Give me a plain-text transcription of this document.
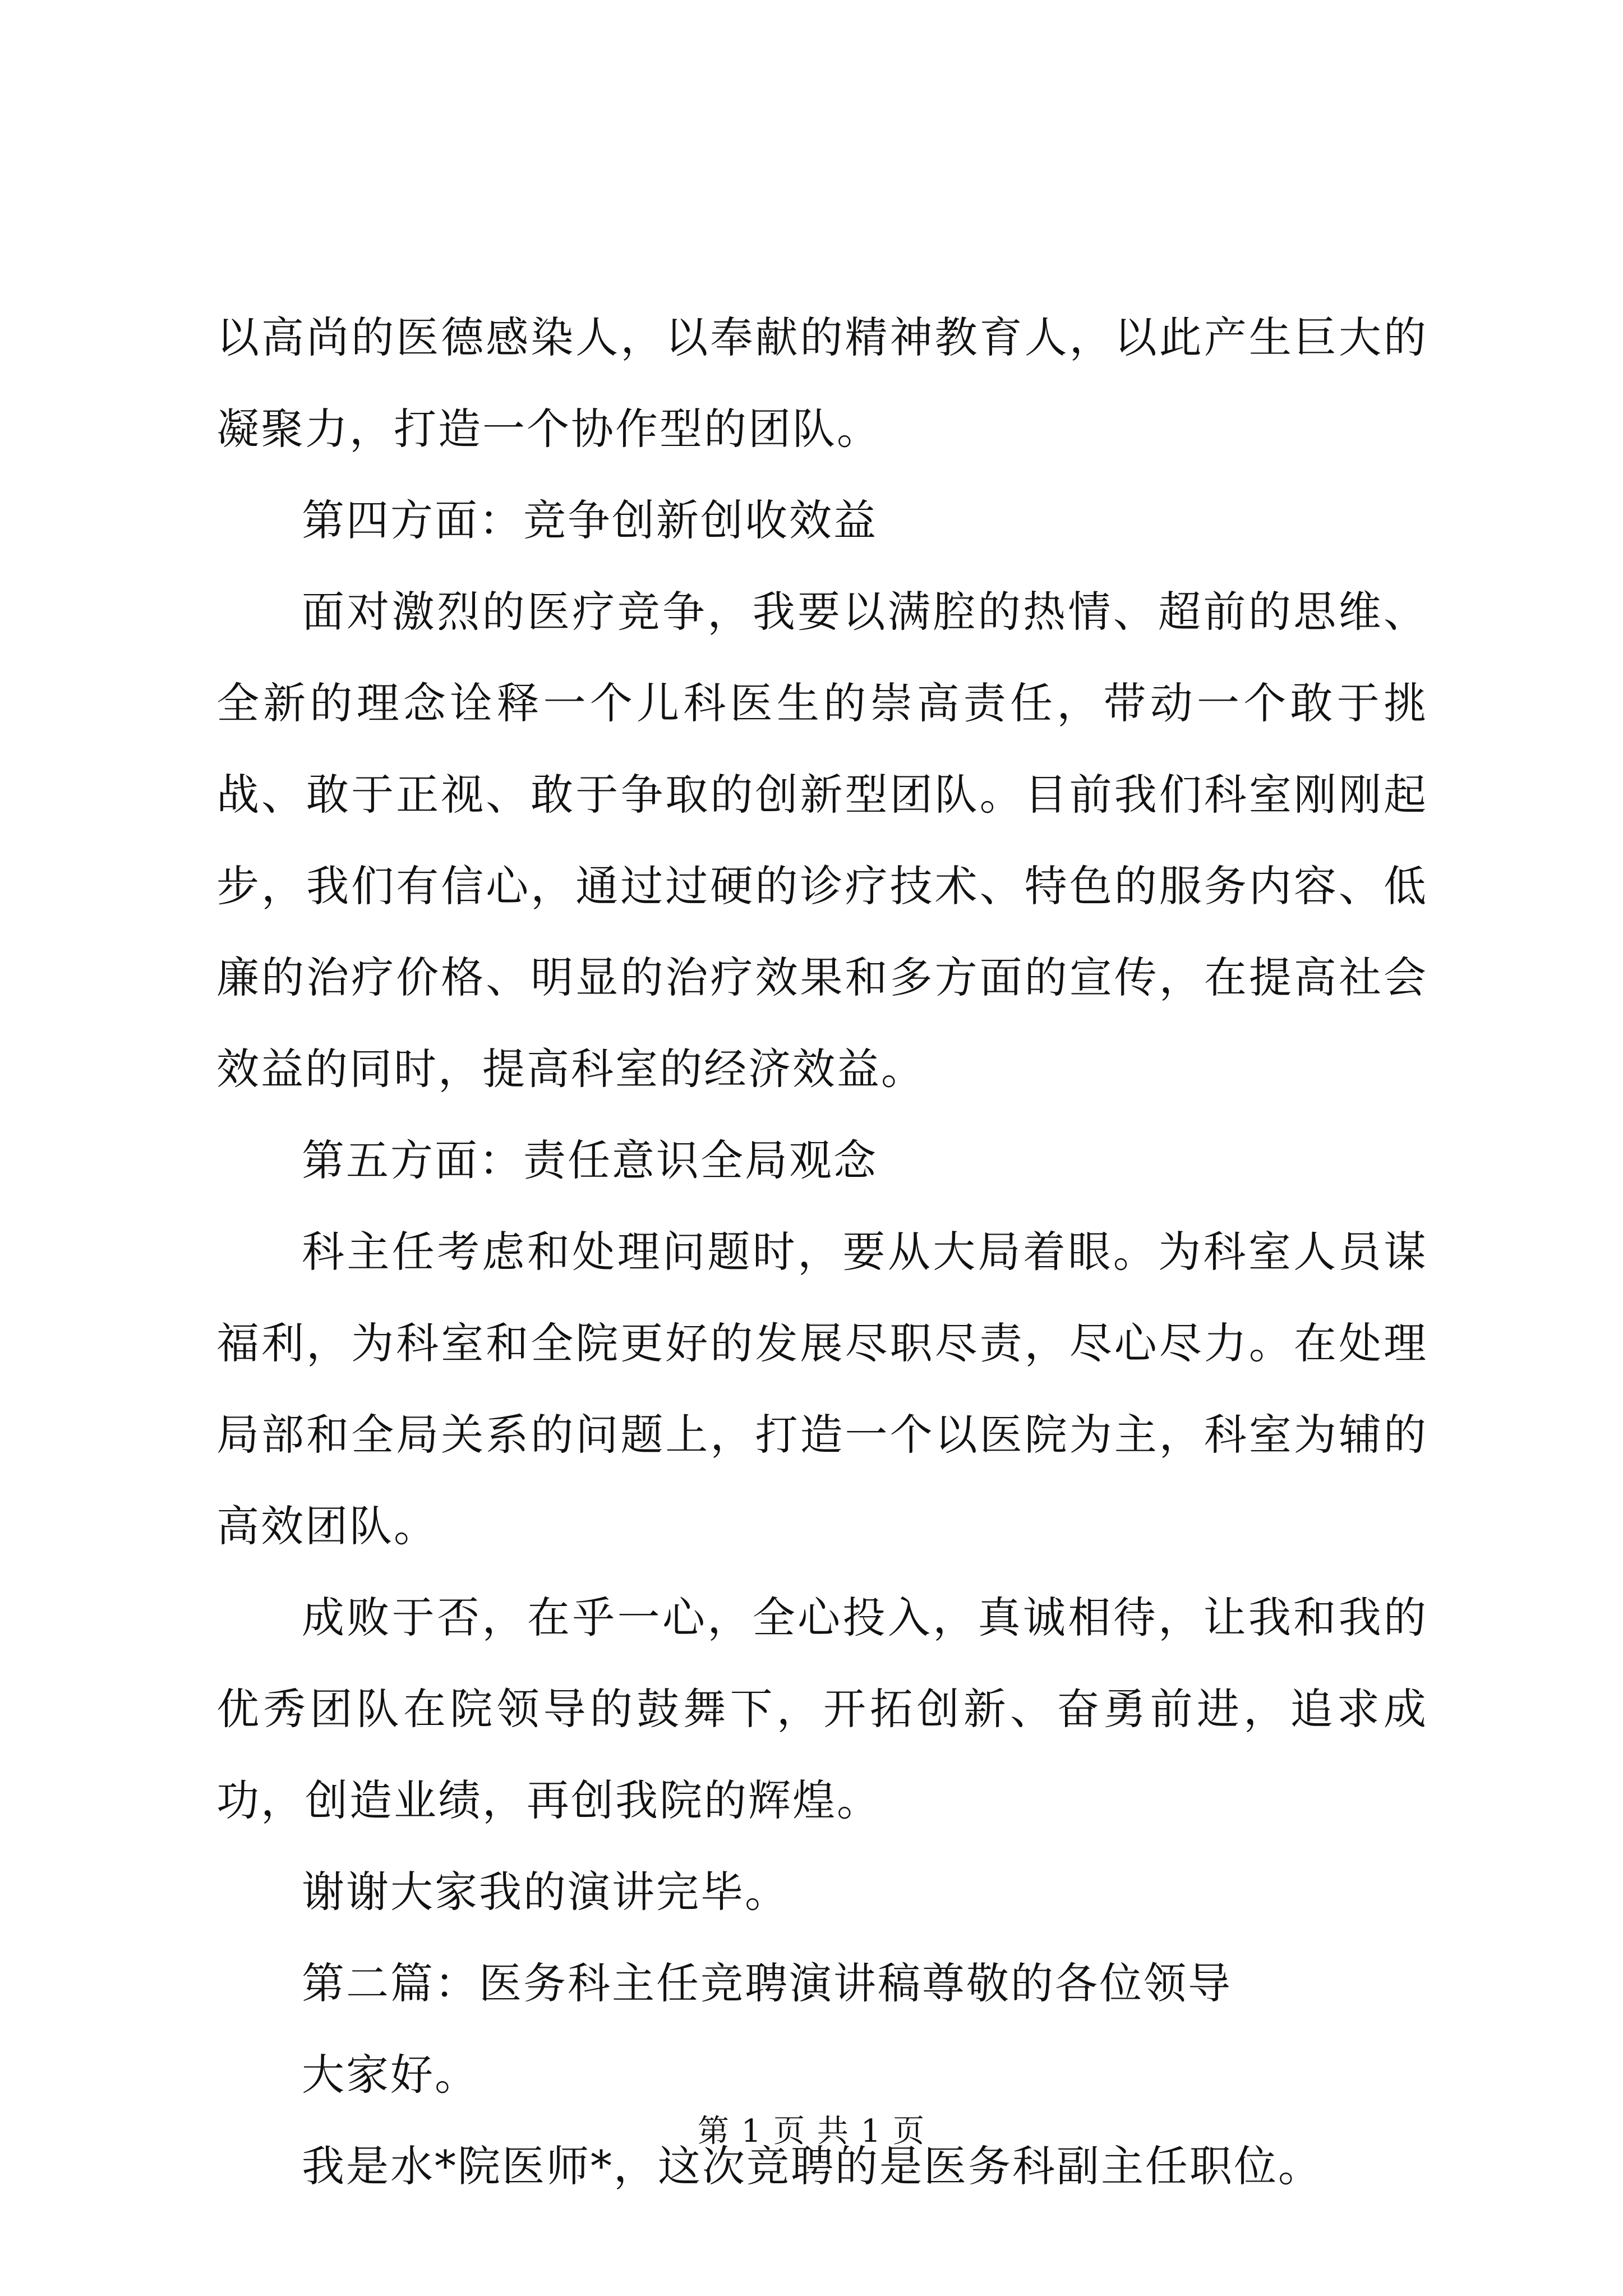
以高尚的医德感染人，以奉献的精神教育人，以此产生巨大的凝聚力，打造一个协作型的团队。

第四方面：竞争创新创收效益

面对激烈的医疗竞争，我要以满腔的热情、超前的思维、全新的理念诠释一个儿科医生的崇高责任，带动一个敢于挑战、敢于正视、敢于争取的创新型团队。目前我们科室刚刚起步，我们有信心，通过过硬的诊疗技术、特色的服务内容、低廉的治疗价格、明显的治疗效果和多方面的宣传，在提高社会效益的同时，提高科室的经济效益。

第五方面：责任意识全局观念

科主任考虑和处理问题时，要从大局着眼。为科室人员谋福利，为科室和全院更好的发展尽职尽责，尽心尽力。在处理局部和全局关系的问题上，打造一个以医院为主，科室为辅的高效团队。

成败于否，在乎一心，全心投入，真诚相待，让我和我的优秀团队在院领导的鼓舞下，开拓创新、奋勇前进，追求成功，创造业绩，再创我院的辉煌。

谢谢大家我的演讲完毕。

第二篇：医务科主任竞聘演讲稿尊敬的各位领导

大家好。

我是水*院医师*，这次竞聘的是医务科副主任职位。

第 1 页 共 1 页
